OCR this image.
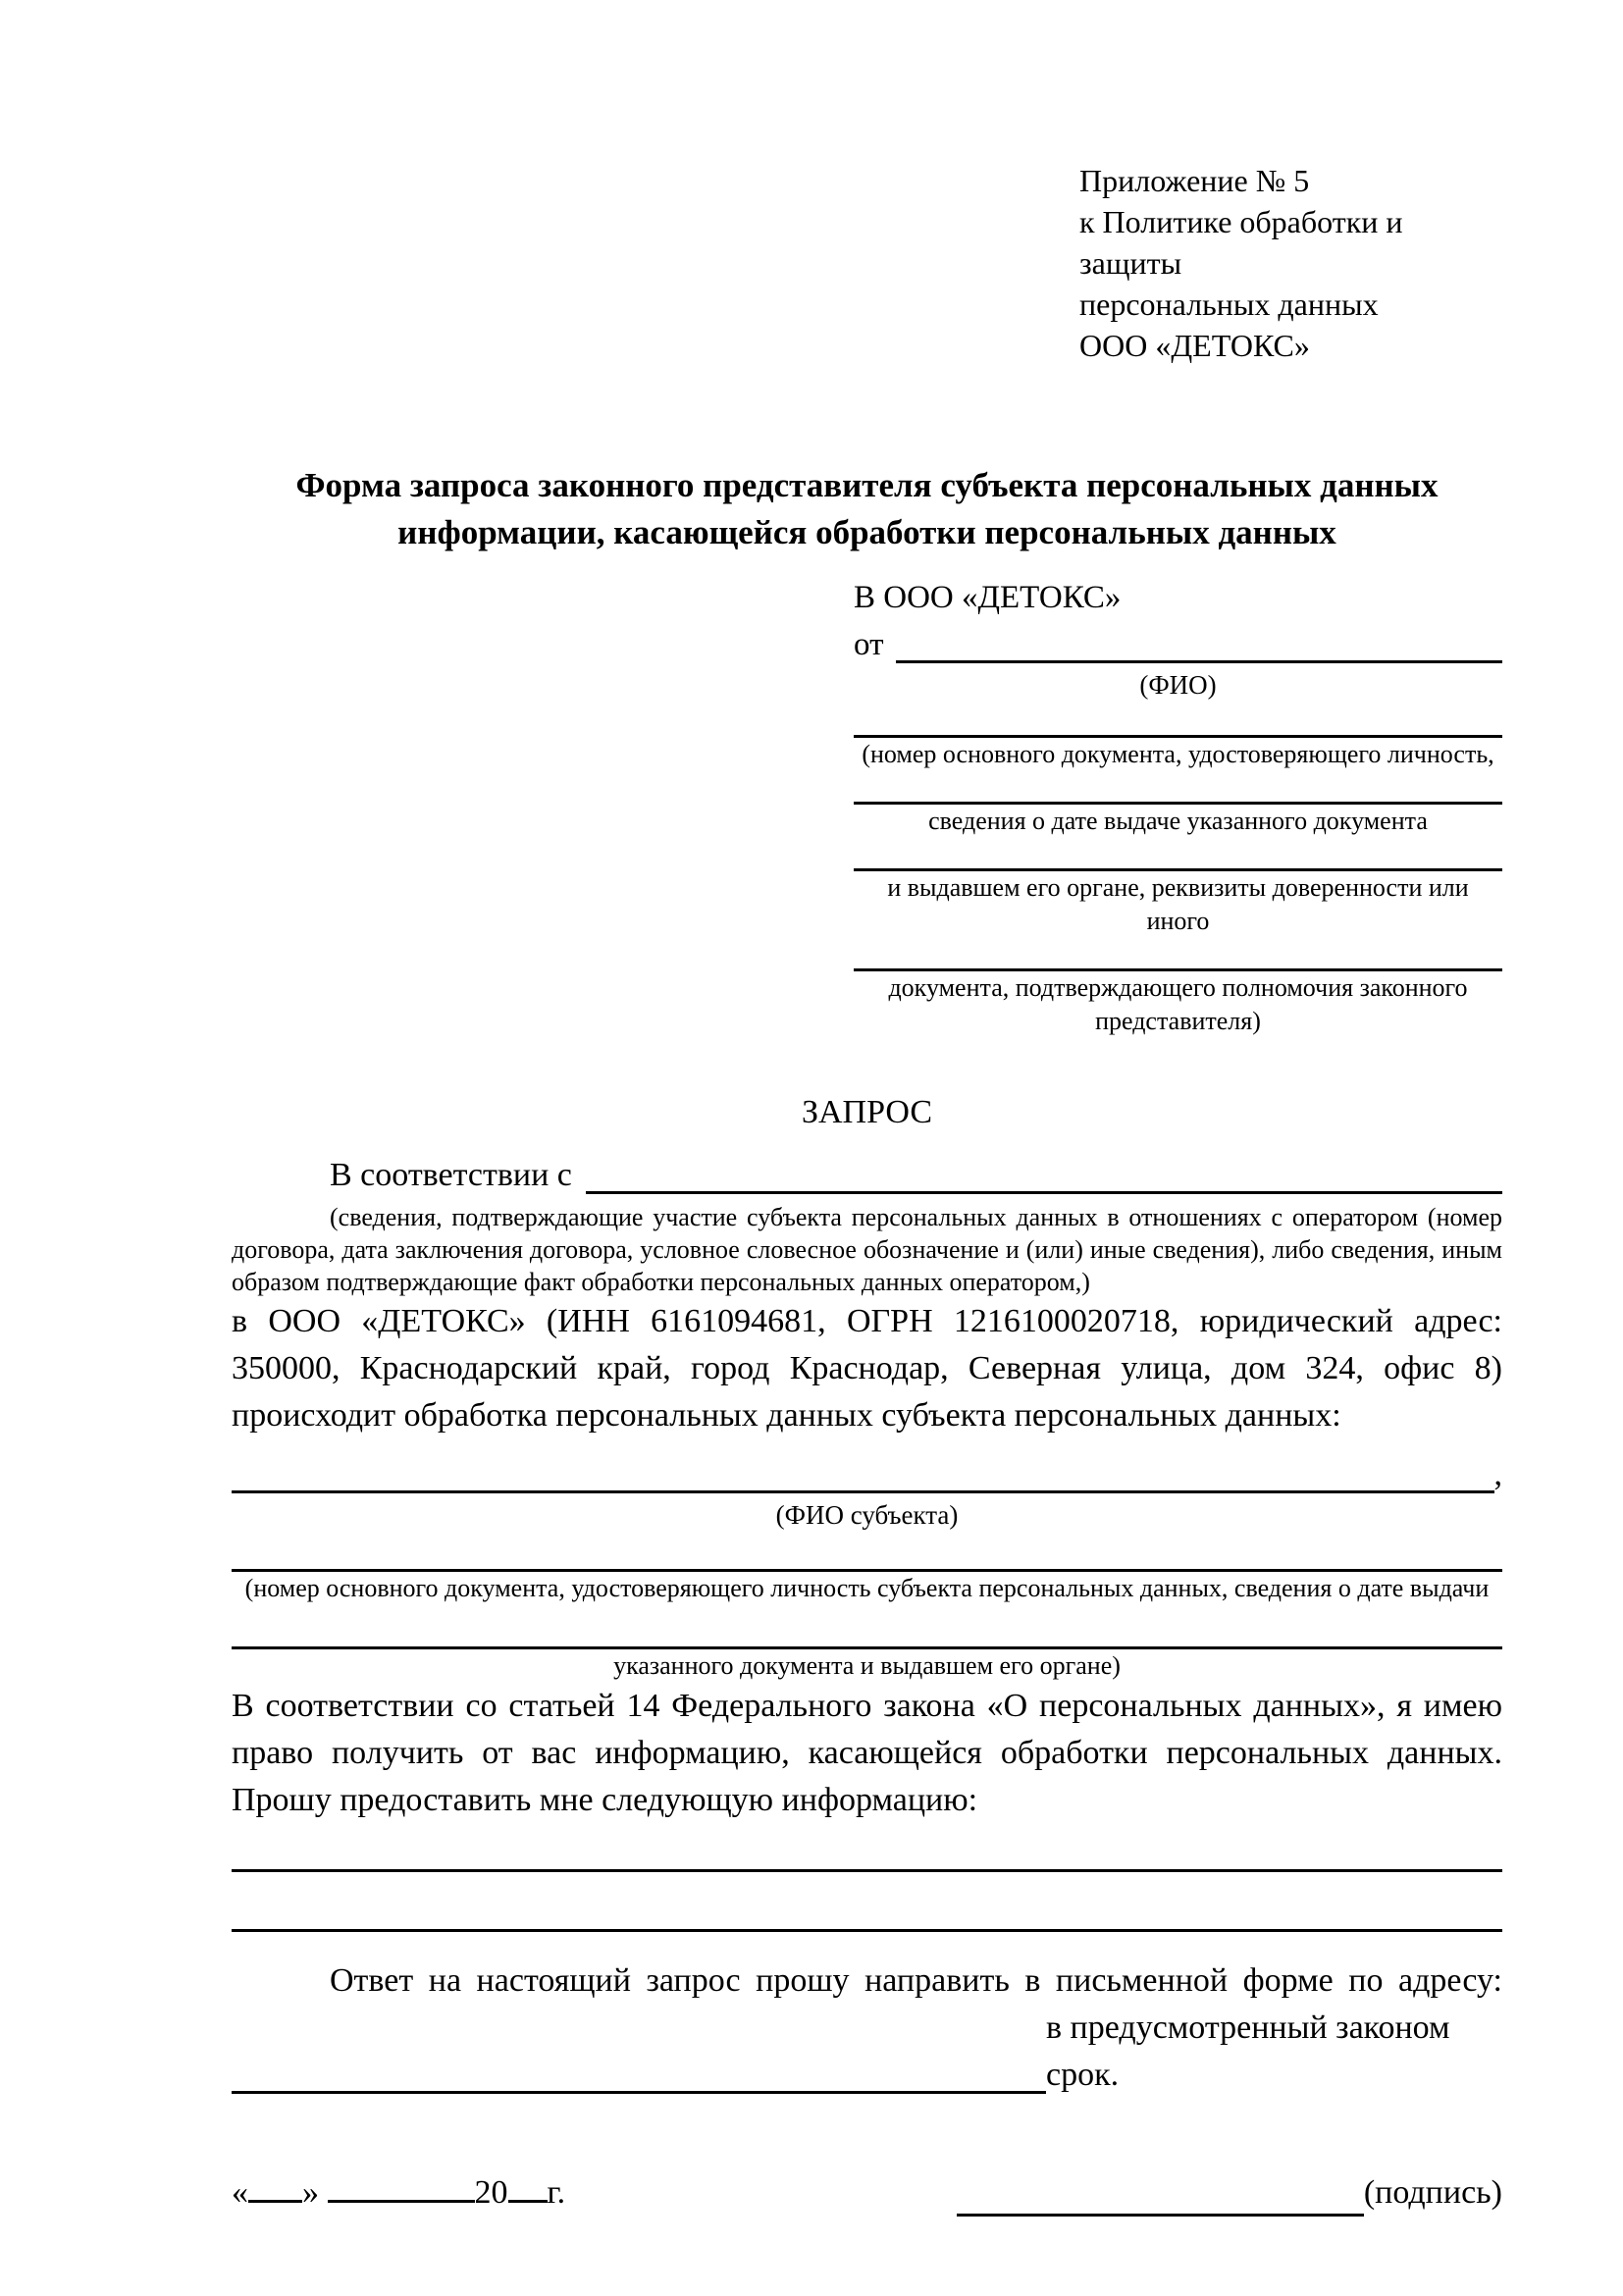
Приложение № 5
к Политике обработки и защиты
персональных данных
ООО «ДЕТОКС»
Форма запроса законного представителя субъекта персональных данных
информации, касающейся обработки персональных данных
В ООО «ДЕТОКС»
от
(ФИО)
(номер основного документа, удостоверяющего личность,
сведения о дате выдаче указанного документа
и выдавшем его органе, реквизиты доверенности или иного
документа, подтверждающего полномочия законного представителя)
ЗАПРОС
В соответствии с
(сведения, подтверждающие участие субъекта персональных данных в отношениях с оператором (номер договора, дата заключения договора, условное словесное обозначение и (или) иные сведения), либо сведения, иным образом подтверждающие факт обработки персональных данных оператором,)
в ООО «ДЕТОКС» (ИНН 6161094681, ОГРН 1216100020718, юридический адрес: 350000, Краснодарский край, город Краснодар, Северная улица, дом 324, офис 8) происходит обработка персональных данных субъекта персональных данных:
,
(ФИО субъекта)
(номер основного документа, удостоверяющего личность субъекта персональных данных, сведения о дате выдачи
указанного документа и выдавшем его органе)
В соответствии со статьей 14 Федерального закона «О персональных данных», я имею право получить от вас информацию, касающейся обработки персональных данных. Прошу предоставить мне следующую информацию:
Ответ на настоящий запрос прошу направить в письменной форме по адресу:
в предусмотренный законом срок.
« »	20 г.	(подпись)
